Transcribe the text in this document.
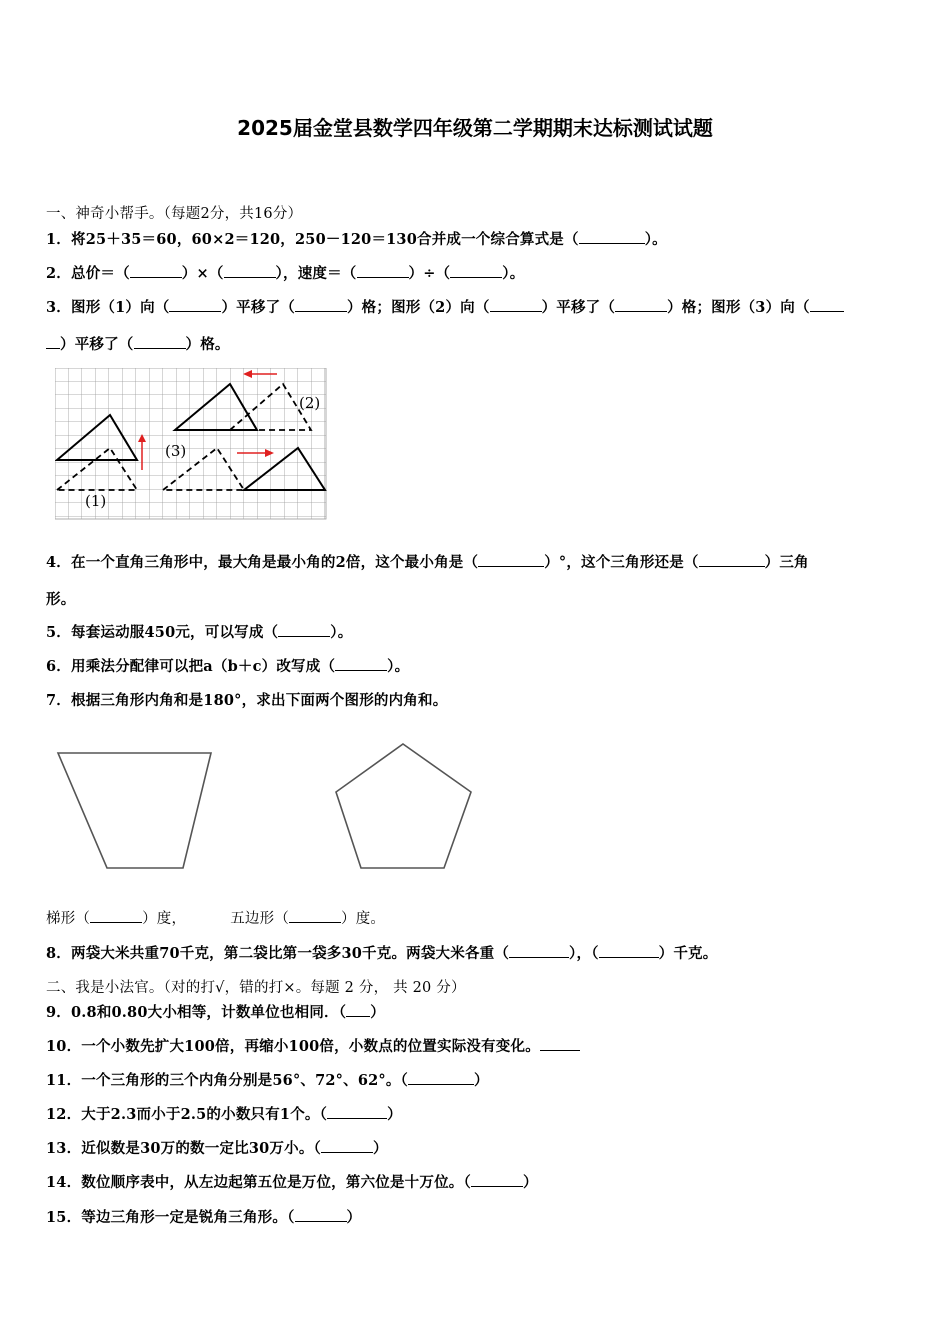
2025届金堂县数学四年级第二学期期末达标测试试题
一、神奇小帮手。（每题2分，共16分）
1．将25＋35＝60，60×2＝120，250－120＝130合并成一个综合算式是（	）。
2．总价＝（	）×（	），速度＝（	）÷（	）。
3．图形（1）向（	）平移了（	）格；图形（2）向（	）平移了（	）格；图形（3）向（
）平移了（	）格。
(1)
(2)
(3)
4．在一个直角三角形中，最大角是最小角的2倍，这个最小角是（	）°，这个三角形还是（	）三角
形。
5．每套运动服450元，可以写成（	）。
6．用乘法分配律可以把a（b＋c）改写成（	）。
7．根据三角形内角和是180°，求出下面两个图形的内角和。
梯形（	）度，	五边形（	）度。
8．两袋大米共重70千克，第二袋比第一袋多30千克。两袋大米各重（	），（	）千克。
二、我是小法官。（对的打√，错的打×。每题 2 分， 共 20 分）
9．0.8和0.80大小相等，计数单位也相同．（ ）
10．一个小数先扩大100倍，再缩小100倍，小数点的位置实际没有变化。
11．一个三角形的三个内角分别是56°、72°、62°。（	）
12．大于2.3而小于2.5的小数只有1个。（	）
13．近似数是30万的数一定比30万小。（	）
14．数位顺序表中，从左边起第五位是万位，第六位是十万位。（	）
15．等边三角形一定是锐角三角形。（	）
